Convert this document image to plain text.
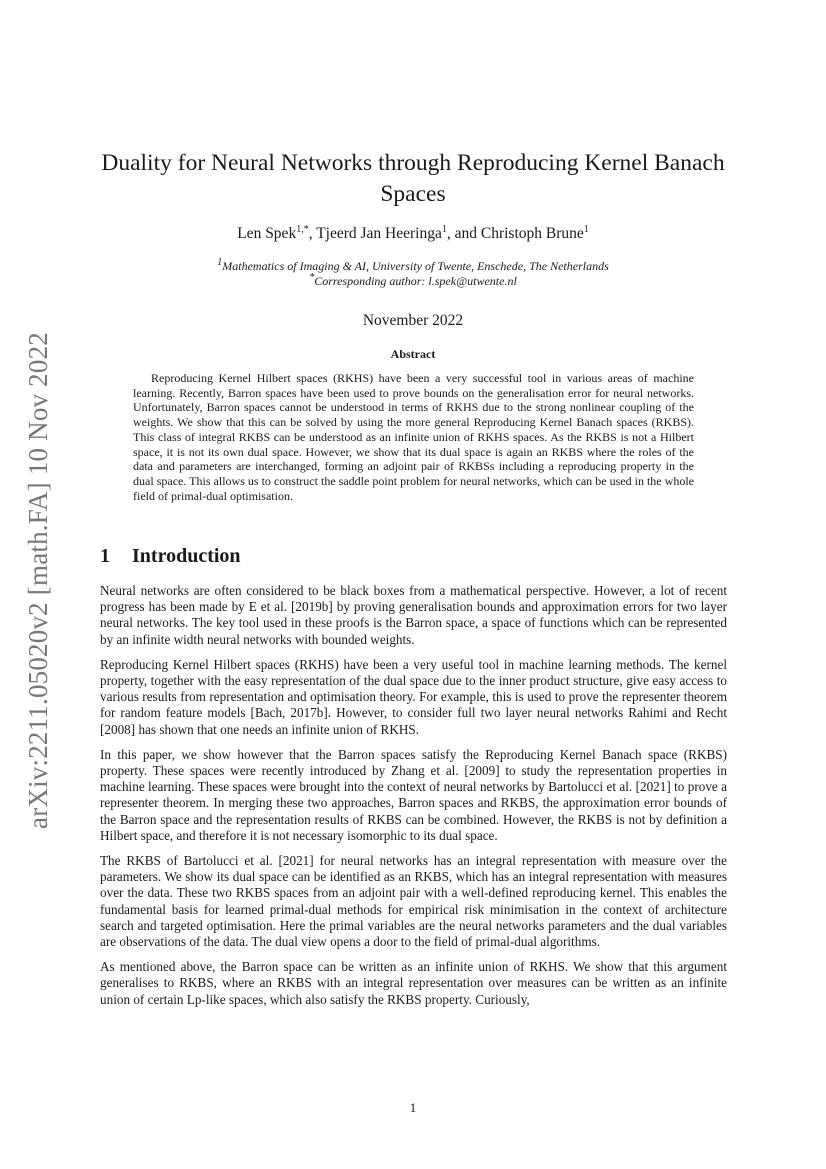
arXiv:2211.05020v2 [math.FA] 10 Nov 2022
Duality for Neural Networks through Reproducing Kernel Banach Spaces
Len Spek$^{1,*}$, Tjeerd Jan Heeringa$^1$, and Christoph Brune$^1$
$^1$Mathematics of Imaging & AI, University of Twente, Enschede, The Netherlands
*Corresponding author: l.spek@utwente.nl
November 2022
Abstract
Reproducing Kernel Hilbert spaces (RKHS) have been a very successful tool in various areas of machine learning. Recently, Barron spaces have been used to prove bounds on the generalisation error for neural networks. Unfortunately, Barron spaces cannot be understood in terms of RKHS due to the strong nonlinear coupling of the weights. We show that this can be solved by using the more general Reproducing Kernel Banach spaces (RKBS). This class of integral RKBS can be understood as an infinite union of RKHS spaces. As the RKBS is not a Hilbert space, it is not its own dual space. However, we show that its dual space is again an RKBS where the roles of the data and parameters are interchanged, forming an adjoint pair of RKBSs including a reproducing property in the dual space. This allows us to construct the saddle point problem for neural networks, which can be used in the whole field of primal-dual optimisation.
1 Introduction

Neural networks are often considered to be black boxes from a mathematical perspective. However, a lot of recent progress has been made by E et al. [2019b] by proving generalisation bounds and approximation errors for two layer neural networks. The key tool used in these proofs is the Barron space, a space of functions which can be represented by an infinite width neural networks with bounded weights.

Reproducing Kernel Hilbert spaces (RKHS) have been a very useful tool in machine learning methods. The kernel property, together with the easy representation of the dual space due to the inner product structure, give easy access to various results from representation and optimisation theory. For example, this is used to prove the representer theorem for random feature models [Bach, 2017b]. However, to consider full two layer neural networks Rahimi and Recht [2008] has shown that one needs an infinite union of RKHS.

In this paper, we show however that the Barron spaces satisfy the Reproducing Kernel Banach space (RKBS) property. These spaces were recently introduced by Zhang et al. [2009] to study the representation properties in machine learning. These spaces were brought into the context of neural networks by Bartolucci et al. [2021] to prove a representer theorem. In merging these two approaches, Barron spaces and RKBS, the approximation error bounds of the Barron space and the representation results of RKBS can be combined. However, the RKBS is not by definition a Hilbert space, and therefore it is not necessary isomorphic to its dual space.

The RKBS of Bartolucci et al. [2021] for neural networks has an integral representation with measure over the parameters. We show its dual space can be identified as an RKBS, which has an integral representation with measures over the data. These two RKBS spaces from an adjoint pair with a well-defined reproducing kernel. This enables the fundamental basis for learned primal-dual methods for empirical risk minimisation in the context of architecture search and targeted optimisation. Here the primal variables are the neural networks parameters and the dual variables are observations of the data. The dual view opens a door to the field of primal-dual algorithms.

As mentioned above, the Barron space can be written as an infinite union of RKHS. We show that this argument generalises to RKBS, where an RKBS with an integral representation over measures can be written as an infinite union of certain Lp-like spaces, which also satisfy the RKBS property. Curiously,

1
